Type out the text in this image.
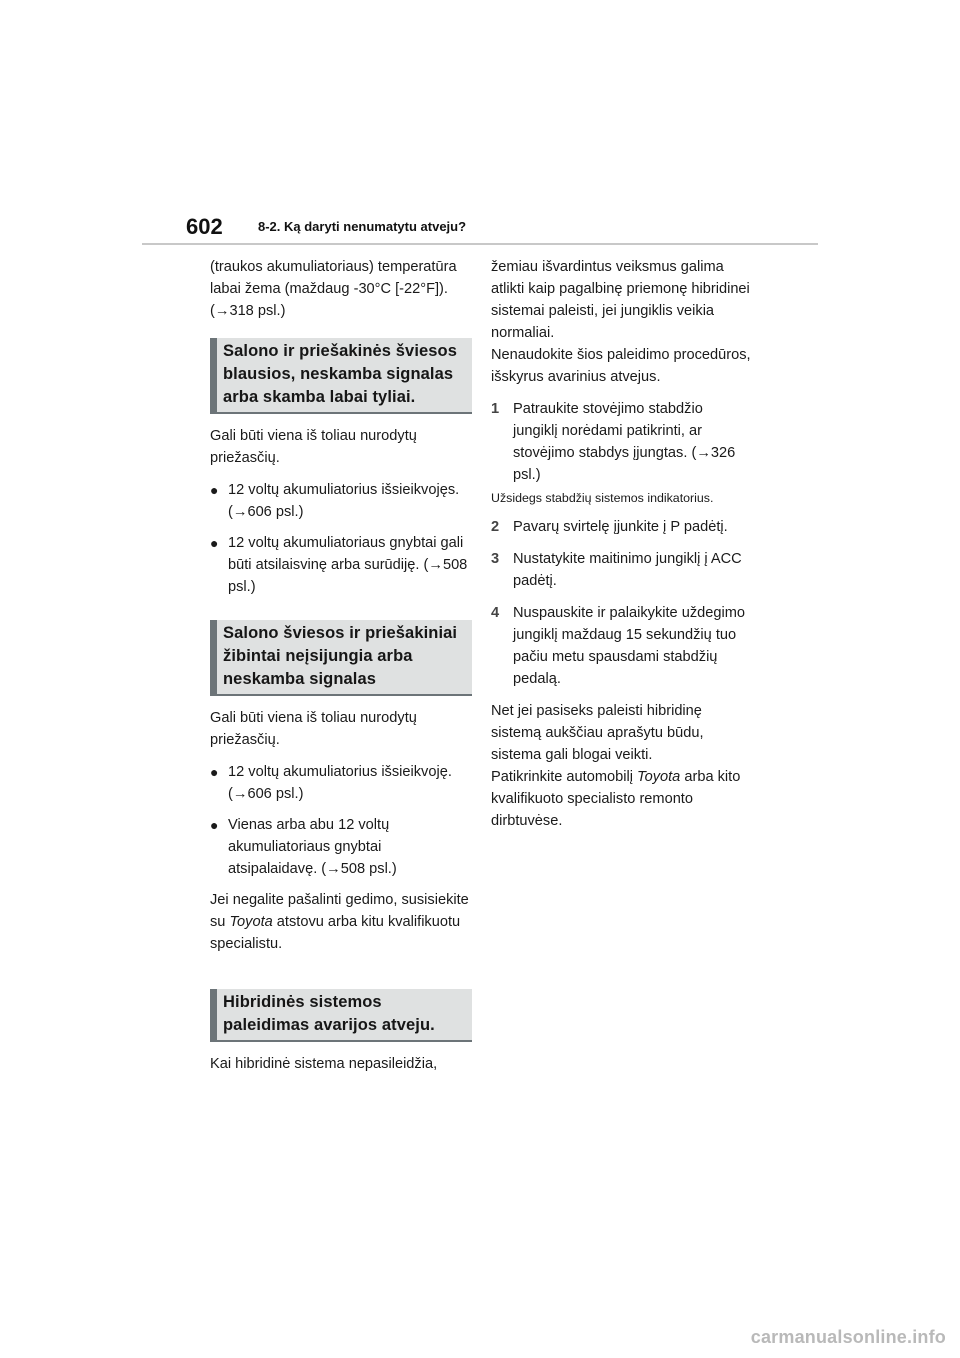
602	8-2. Ką daryti nenumatytu atveju?

(traukos akumuliatoriaus) temperatūra labai žema (maždaug -30°C [-22°F]). (→318 psl.)

Salono ir priešakinės šviesos blausios, neskamba signalas arba skamba labai tyliai.

Gali būti viena iš toliau nurodytų priežasčių.

● 12 voltų akumuliatorius išsieikvojęs. (→606 psl.)
● 12 voltų akumuliatoriaus gnybtai gali būti atsilaisvinę arba surūdiję. (→508 psl.)
Salono šviesos ir priešakiniai žibintai neįsijungia arba neskamba signalas

Gali būti viena iš toliau nurodytų priežasčių.

● 12 voltų akumuliatorius išsieikvoję. (→606 psl.)
● Vienas arba abu 12 voltų akumuliatoriaus gnybtai atsipalaidavę. (→508 psl.)

Jei negalite pašalinti gedimo, susisiekite su Toyota atstovu arba kitu kvalifikuotu specialistu.

Hibridinės sistemos paleidimas avarijos atveju.

Kai hibridinė sistema nepasileidžia,

žemiau išvardintus veiksmus galima atlikti kaip pagalbinę priemonę hibridinei sistemai paleisti, jei jungiklis veikia normaliai.

Nenaudokite šios paleidimo procedūros, išskyrus avarinius atvejus.

1 Patraukite stovėjimo stabdžio jungiklį norėdami patikrinti, ar stovėjimo stabdys įjungtas. (→326 psl.)

Užsidegs stabdžių sistemos indikatorius.

2 Pavarų svirtelę įjunkite į P padėtį.
3 Nustatykite maitinimo jungiklį į ACC padėtį.
4 Nuspauskite ir palaikykite uždegimo jungiklį maždaug 15 sekundžių tuo pačiu metu spausdami stabdžių pedalą.

Net jei pasiseks paleisti hibridinę sistemą aukščiau aprašytu būdu, sistema gali blogai veikti.

Patikrinkite automobilį Toyota arba kito kvalifikuoto specialisto remonto dirbtuvėse.

carmanualsonline.info
